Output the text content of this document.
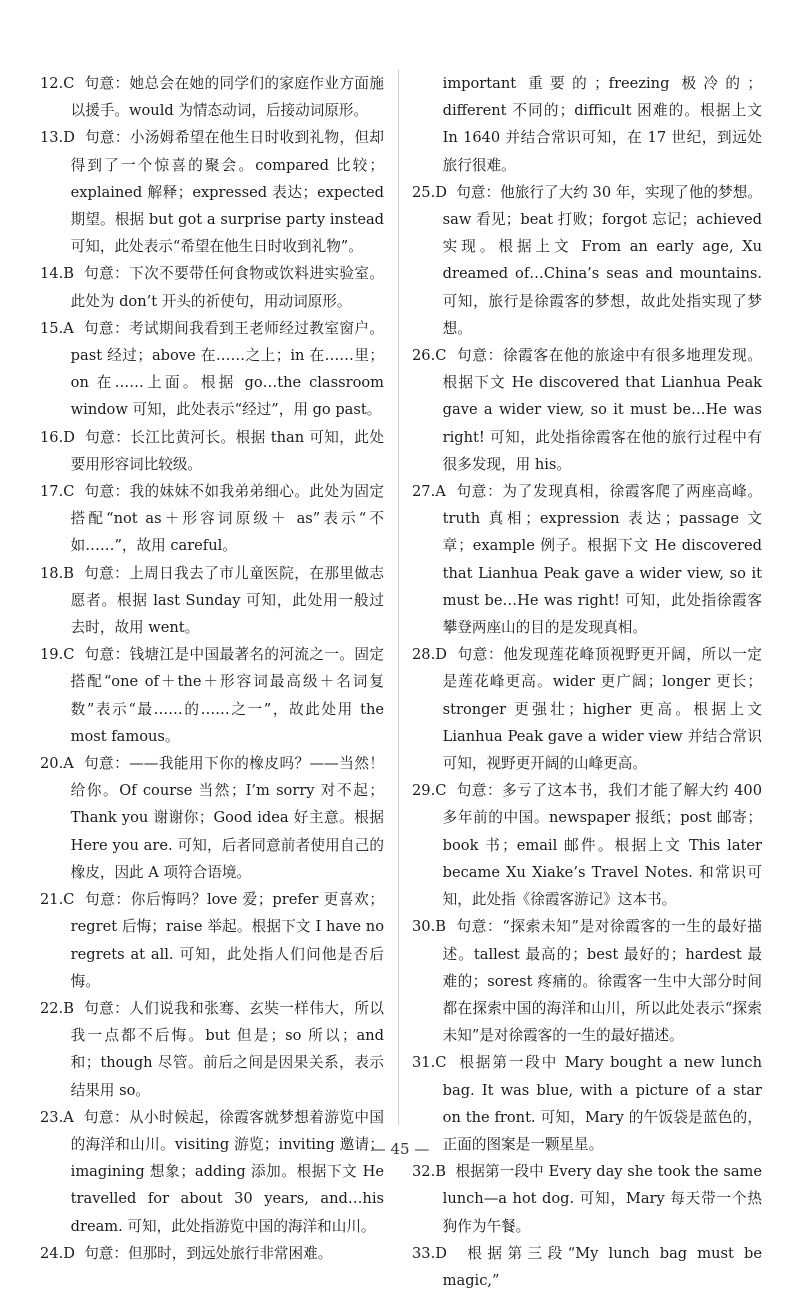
12.C 句意：她总会在她的同学们的家庭作业方面施以援手。would 为情态动词，后接动词原形。

13.D 句意：小汤姆希望在他生日时收到礼物，但却得到了一个惊喜的聚会。compared 比较；explained 解释；expressed 表达；expected 期望。根据 but got a surprise party instead 可知，此处表示“希望在他生日时收到礼物”。

14.B 句意：下次不要带任何食物或饮料进实验室。此处为 don’t 开头的祈使句，用动词原形。

15.A 句意：考试期间我看到王老师经过教室窗户。past 经过；above 在……之上；in 在……里；on 在……上面。根据 go…the classroom window 可知，此处表示“经过”，用 go past。

16.D 句意：长江比黄河长。根据 than 可知，此处要用形容词比较级。

17.C 句意：我的妹妹不如我弟弟细心。此处为固定搭配“not as＋形容词原级＋ as”表示“不如……”，故用 careful。

18.B 句意：上周日我去了市儿童医院，在那里做志愿者。根据 last Sunday 可知，此处用一般过去时，故用 went。

19.C 句意：钱塘江是中国最著名的河流之一。固定搭配“one of＋the＋形容词最高级＋名词复数”表示“最……的……之一”，故此处用 the most famous。

20.A 句意：——我能用下你的橡皮吗？——当然！给你。Of course 当然；I’m sorry 对不起；Thank you 谢谢你；Good idea 好主意。根据 Here you are. 可知，后者同意前者使用自己的橡皮，因此 A 项符合语境。

21.C 句意：你后悔吗？love 爱；prefer 更喜欢；regret 后悔；raise 举起。根据下文 I have no regrets at all. 可知，此处指人们问他是否后悔。

22.B 句意：人们说我和张骞、玄奘一样伟大，所以我一点都不后悔。but 但是；so 所以；and 和；though 尽管。前后之间是因果关系，表示结果用 so。

23.A 句意：从小时候起，徐霞客就梦想着游览中国的海洋和山川。visiting 游览；inviting 邀请；imagining 想象；adding 添加。根据下文 He travelled for about 30 years, and…his dream. 可知，此处指游览中国的海洋和山川。

24.D 句意：但那时，到远处旅行非常困难。

important 重要的；freezing 极冷的；different 不同的；difficult 困难的。根据上文 In 1640 并结合常识可知，在 17 世纪，到远处旅行很难。

25.D 句意：他旅行了大约 30 年，实现了他的梦想。saw 看见；beat 打败；forgot 忘记；achieved 实现。根据上文 From an early age, Xu dreamed of…China’s seas and mountains. 可知，旅行是徐霞客的梦想，故此处指实现了梦想。

26.C 句意：徐霞客在他的旅途中有很多地理发现。根据下文 He discovered that Lianhua Peak gave a wider view, so it must be…He was right! 可知，此处指徐霞客在他的旅行过程中有很多发现，用 his。

27.A 句意：为了发现真相，徐霞客爬了两座高峰。truth 真相；expression 表达；passage 文章；example 例子。根据下文 He discovered that Lianhua Peak gave a wider view, so it must be…He was right! 可知，此处指徐霞客攀登两座山的目的是发现真相。

28.D 句意：他发现莲花峰顶视野更开阔，所以一定是莲花峰更高。wider 更广阔；longer 更长；stronger 更强壮；higher 更高。根据上文 Lianhua Peak gave a wider view 并结合常识可知，视野更开阔的山峰更高。

29.C 句意：多亏了这本书，我们才能了解大约 400 多年前的中国。newspaper 报纸；post 邮寄；book 书；email 邮件。根据上文 This later became Xu Xiake’s Travel Notes. 和常识可知，此处指《徐霞客游记》这本书。

30.B 句意：“探索未知”是对徐霞客的一生的最好描述。tallest 最高的；best 最好的；hardest 最难的；sorest 疼痛的。徐霞客一生中大部分时间都在探索中国的海洋和山川，所以此处表示“探索未知”是对徐霞客的一生的最好描述。

31.C 根据第一段中 Mary bought a new lunch bag. It was blue, with a picture of a star on the front. 可知，Mary 的午饭袋是蓝色的，正面的图案是一颗星星。

32.B 根据第一段中 Every day she took the same lunch—a hot dog. 可知，Mary 每天带一个热狗作为午餐。

33.D 根据第三段“My lunch bag must be magic,”

— 45 —
